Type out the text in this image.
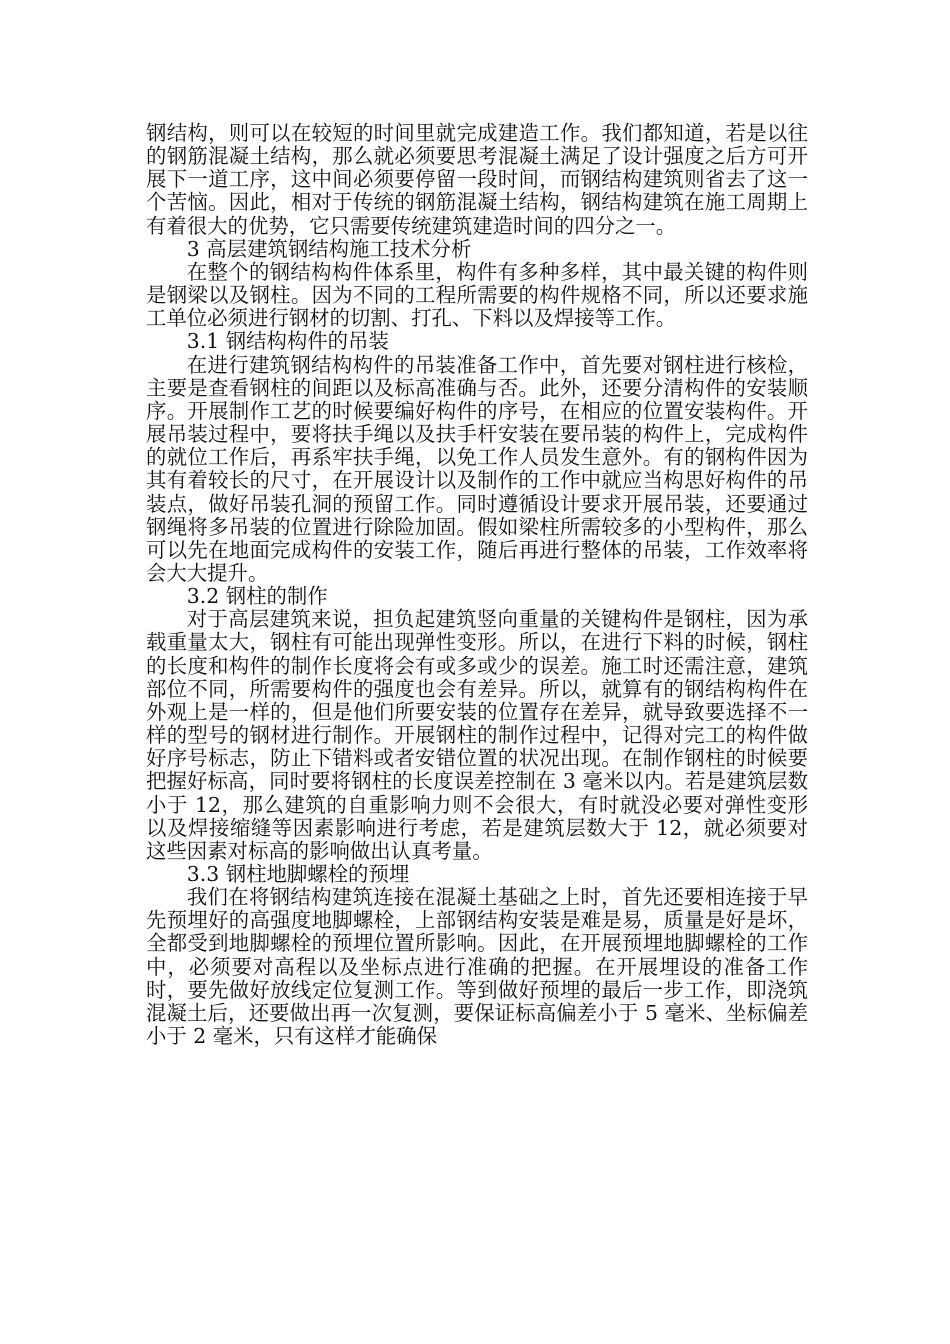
钢结构，则可以在较短的时间里就完成建造工作。我们都知道，若是以往的钢筋混凝土结构，那么就必须要思考混凝土满足了设计强度之后方可开展下一道工序，这中间必须要停留一段时间，而钢结构建筑则省去了这一个苦恼。因此，相对于传统的钢筋混凝土结构，钢结构建筑在施工周期上有着很大的优势，它只需要传统建筑建造时间的四分之一。

3 高层建筑钢结构施工技术分析

在整个的钢结构构件体系里，构件有多种多样，其中最关键的构件则是钢梁以及钢柱。因为不同的工程所需要的构件规格不同，所以还要求施工单位必须进行钢材的切割、打孔、下料以及焊接等工作。

3.1 钢结构构件的吊装

在进行建筑钢结构构件的吊装准备工作中，首先要对钢柱进行核检，主要是查看钢柱的间距以及标高准确与否。此外，还要分清构件的安装顺序。开展制作工艺的时候要编好构件的序号，在相应的位置安装构件。开展吊装过程中，要将扶手绳以及扶手杆安装在要吊装的构件上，完成构件的就位工作后，再系牢扶手绳，以免工作人员发生意外。有的钢构件因为其有着较长的尺寸，在开展设计以及制作的工作中就应当构思好构件的吊装点，做好吊装孔洞的预留工作。同时遵循设计要求开展吊装，还要通过钢绳将多吊装的位置进行除险加固。假如梁柱所需较多的小型构件，那么可以先在地面完成构件的安装工作，随后再进行整体的吊装，工作效率将会大大提升。

3.2 钢柱的制作

对于高层建筑来说，担负起建筑竖向重量的关键构件是钢柱，因为承载重量太大，钢柱有可能出现弹性变形。所以，在进行下料的时候，钢柱的长度和构件的制作长度将会有或多或少的误差。施工时还需注意，建筑部位不同，所需要构件的强度也会有差异。所以，就算有的钢结构构件在外观上是一样的，但是他们所要安装的位置存在差异，就导致要选择不一样的型号的钢材进行制作。开展钢柱的制作过程中，记得对完工的构件做好序号标志，防止下错料或者安错位置的状况出现。在制作钢柱的时候要把握好标高，同时要将钢柱的长度误差控制在 3 毫米以内。若是建筑层数小于 12，那么建筑的自重影响力则不会很大，有时就没必要对弹性变形以及焊接缩缝等因素影响进行考虑，若是建筑层数大于 12，就必须要对这些因素对标高的影响做出认真考量。

3.3 钢柱地脚螺栓的预埋

我们在将钢结构建筑连接在混凝土基础之上时，首先还要相连接于早先预埋好的高强度地脚螺栓，上部钢结构安装是难是易，质量是好是坏，全都受到地脚螺栓的预埋位置所影响。因此，在开展预埋地脚螺栓的工作中，必须要对高程以及坐标点进行准确的把握。在开展埋设的准备工作时，要先做好放线定位复测工作。等到做好预埋的最后一步工作，即浇筑混凝土后，还要做出再一次复测，要保证标高偏差小于 5 毫米、坐标偏差小于 2 毫米，只有这样才能确保
